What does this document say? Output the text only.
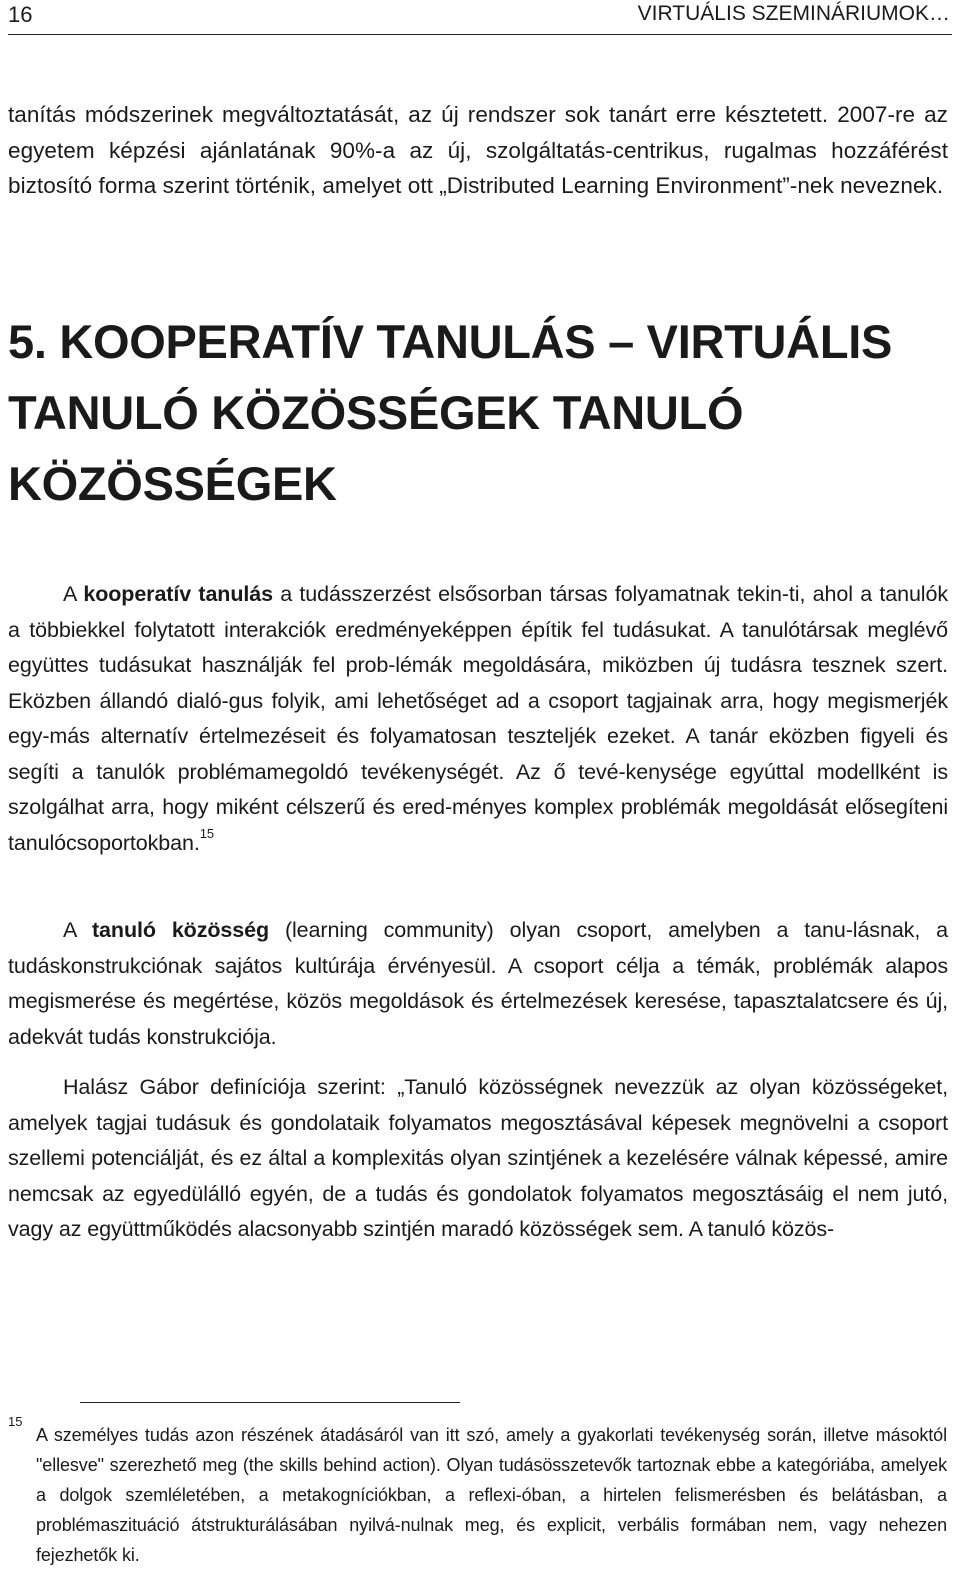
16	VIRTUÁLIS SZEMINÁRIUMOK…

tanítás módszerinek megváltoztatását, az új rendszer sok tanárt erre késztetett. 2007-re az egyetem képzési ajánlatának 90%-a az új, szolgáltatás-centrikus, rugalmas hozzáférést biztosító forma szerint történik, amelyet ott „Distributed Learning Environment”-nek neveznek.

5. KOOPERATÍV TANULÁS – VIRTUÁLIS TANULÓ KÖZÖSSÉGEK TANULÓ KÖZÖSSÉGEK

A kooperatív tanulás a tudásszerzést elsősorban társas folyamatnak tekin-ti, ahol a tanulók a többiekkel folytatott interakciók eredményeképpen építik fel tudásukat. A tanulótársak meglévő együttes tudásukat használják fel prob-lémák megoldására, miközben új tudásra tesznek szert. Eközben állandó dialó-gus folyik, ami lehetőséget ad a csoport tagjainak arra, hogy megismerjék egy-más alternatív értelmezéseit és folyamatosan teszteljék ezeket. A tanár eközben figyeli és segíti a tanulók problémamegoldó tevékenységét. Az ő tevé-kenysége egyúttal modellként is szolgálhat arra, hogy miként célszerű és ered-ményes komplex problémák megoldását elősegíteni tanulócsoportokban.$^{15}$

A tanuló közösség (learning community) olyan csoport, amelyben a tanu-lásnak, a tudáskonstrukciónak sajátos kultúrája érvényesül. A csoport célja a témák, problémák alapos megismerése és megértése, közös megoldások és értelmezések keresése, tapasztalatcsere és új, adekvát tudás konstrukciója.

Halász Gábor definíciója szerint: „Tanuló közösségnek nevezzük az olyan közösségeket, amelyek tagjai tudásuk és gondolataik folyamatos megosztásával képesek megnövelni a csoport szellemi potenciálját, és ez által a komplexitás olyan szintjének a kezelésére válnak képessé, amire nemcsak az egyedülálló egyén, de a tudás és gondolatok folyamatos megosztásáig el nem jutó, vagy az együttműködés alacsonyabb szintjén maradó közösségek sem. A tanuló közös-

15

A személyes tudás azon részének átadásáról van itt szó, amely a gyakorlati tevékenység során, illetve másoktól "ellesve" szerezhető meg (the skills behind action). Olyan tudásösszetevők tartoznak ebbe a kategóriába, amelyek a dolgok szemléletében, a metakogníciókban, a reflexi-óban, a hirtelen felismerésben és belátásban, a problémaszituáció átstrukturálásában nyilvá-nulnak meg, és explicit, verbális formában nem, vagy nehezen fejezhetők ki.
